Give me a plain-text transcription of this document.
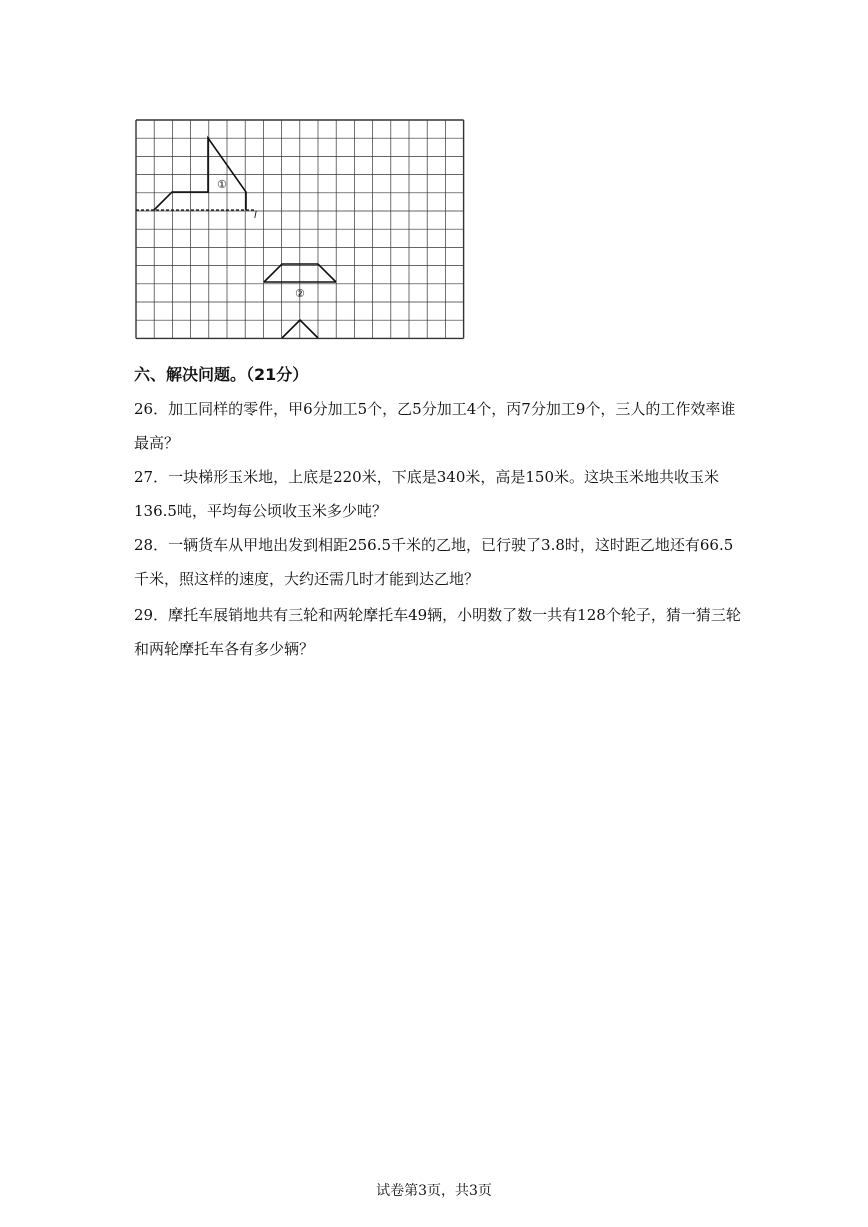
l
①
②
六、解决问题。（21分）
26．加工同样的零件，甲6分加工5个，乙5分加工4个，丙7分加工9个，三人的工作效率谁最高？
27．一块梯形玉米地，上底是220米，下底是340米，高是150米。这块玉米地共收玉米136.5吨，平均每公顷收玉米多少吨？
28．一辆货车从甲地出发到相距256.5千米的乙地，已行驶了3.8时，这时距乙地还有66.5千米，照这样的速度，大约还需几时才能到达乙地？
29．摩托车展销地共有三轮和两轮摩托车49辆，小明数了数一共有128个轮子，猜一猜三轮和两轮摩托车各有多少辆？
试卷第3页，共3页
